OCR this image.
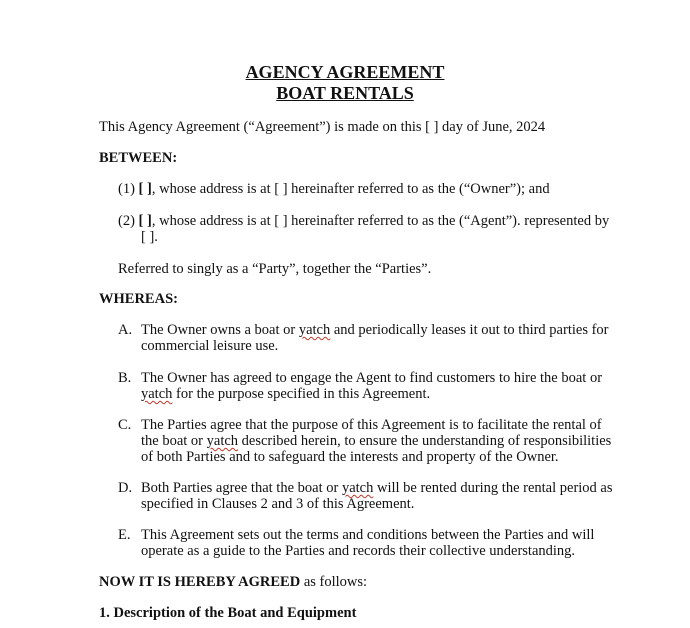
AGENCY AGREEMENT
BOAT RENTALS
This Agency Agreement (“Agreement”) is made on this [ ] day of June, 2024
BETWEEN:
(1) [ ], whose address is at [ ] hereinafter referred to as the (“Owner”); and
(2) [ ], whose address is at [ ] hereinafter referred to as the (“Agent”). represented by
[ ].
Referred to singly as a “Party”, together the “Parties”.
WHEREAS:
A. The Owner owns a boat or yatch and periodically leases it out to third parties for
commercial leisure use.
B. The Owner has agreed to engage the Agent to find customers to hire the boat or
yatch for the purpose specified in this Agreement.
C. The Parties agree that the purpose of this Agreement is to facilitate the rental of
the boat or yatch described herein, to ensure the understanding of responsibilities
of both Parties and to safeguard the interests and property of the Owner.
D. Both Parties agree that the boat or yatch will be rented during the rental period as
specified in Clauses 2 and 3 of this Agreement.
E. This Agreement sets out the terms and conditions between the Parties and will
operate as a guide to the Parties and records their collective understanding.
NOW IT IS HEREBY AGREED as follows:
1. Description of the Boat and Equipment
